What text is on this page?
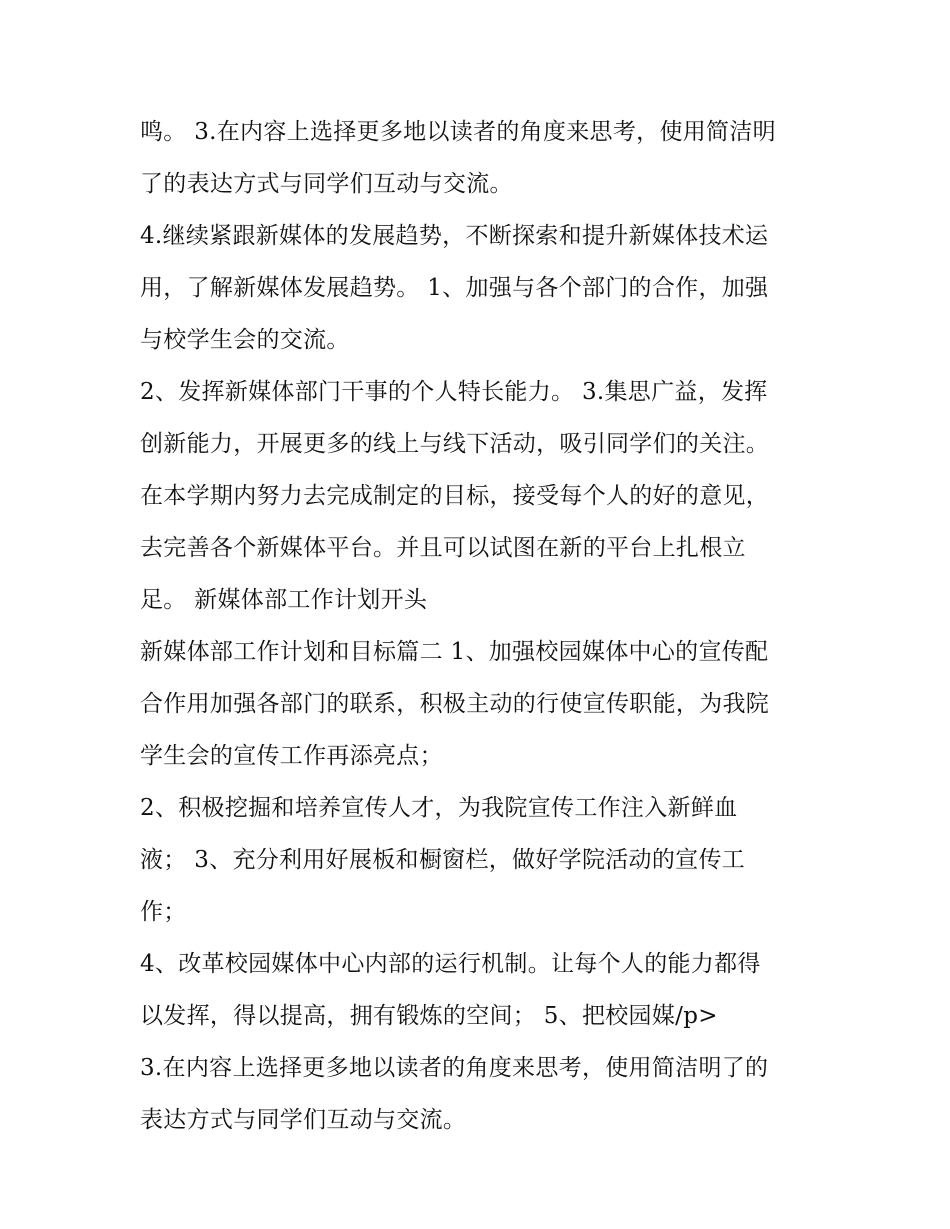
鸣。 3.在内容上选择更多地以读者的角度来思考，使用简洁明
了的表达方式与同学们互动与交流。
4.继续紧跟新媒体的发展趋势，不断探索和提升新媒体技术运
用，了解新媒体发展趋势。 1、加强与各个部门的合作，加强
与校学生会的交流。
2、发挥新媒体部门干事的个人特长能力。 3.集思广益，发挥
创新能力，开展更多的线上与线下活动，吸引同学们的关注。
在本学期内努力去完成制定的目标，接受每个人的好的意见，
去完善各个新媒体平台。并且可以试图在新的平台上扎根立
足。 新媒体部工作计划开头
新媒体部工作计划和目标篇二 1、加强校园媒体中心的宣传配
合作用加强各部门的联系，积极主动的行使宣传职能，为我院
学生会的宣传工作再添亮点；
2、积极挖掘和培养宣传人才，为我院宣传工作注入新鲜血
液； 3、充分利用好展板和橱窗栏，做好学院活动的宣传工
作；
4、改革校园媒体中心内部的运行机制。让每个人的能力都得
以发挥，得以提高，拥有锻炼的空间； 5、把校园媒/p>
3.在内容上选择更多地以读者的角度来思考，使用简洁明了的
表达方式与同学们互动与交流。
